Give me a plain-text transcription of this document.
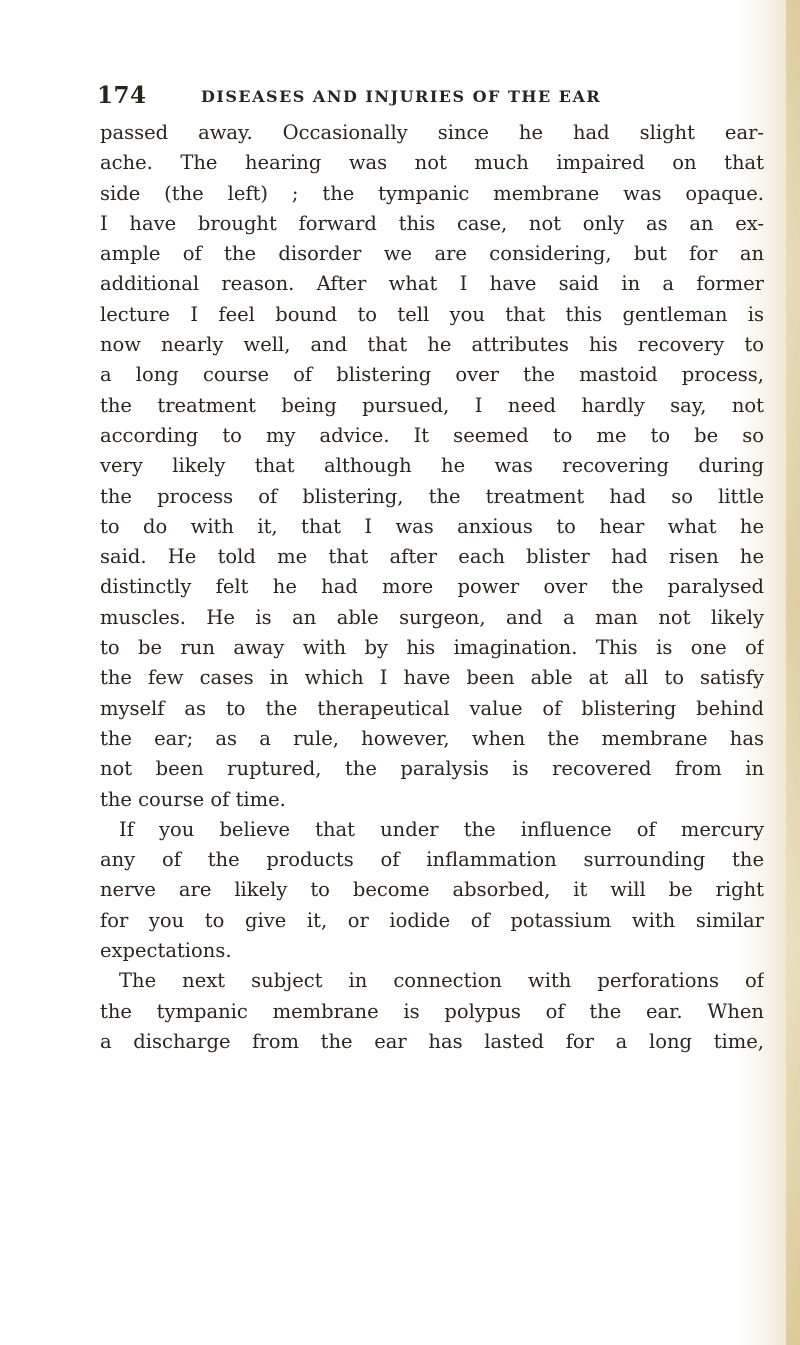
174	DISEASES AND INJURIES OF THE EAR
passed away. Occasionally since he had slight ear-
ache. The hearing was not much impaired on that
side (the left) ; the tympanic membrane was opaque.
I have brought forward this case, not only as an ex-
ample of the disorder we are considering, but for an
additional reason. After what I have said in a former
lecture I feel bound to tell you that this gentleman is
now nearly well, and that he attributes his recovery to
a long course of blistering over the mastoid process,
the treatment being pursued, I need hardly say, not
according to my advice. It seemed to me to be so
very likely that although he was recovering during
the process of blistering, the treatment had so little
to do with it, that I was anxious to hear what he
said. He told me that after each blister had risen he
distinctly felt he had more power over the paralysed
muscles. He is an able surgeon, and a man not likely
to be run away with by his imagination. This is one of
the few cases in which I have been able at all to satisfy
myself as to the therapeutical value of blistering behind
the ear; as a rule, however, when the membrane has
not been ruptured, the paralysis is recovered from in
the course of time.
If you believe that under the influence of mercury
any of the products of inflammation surrounding the
nerve are likely to become absorbed, it will be right
for you to give it, or iodide of potassium with similar
expectations.
The next subject in connection with perforations of
the tympanic membrane is polypus of the ear. When
a discharge from the ear has lasted for a long time,
